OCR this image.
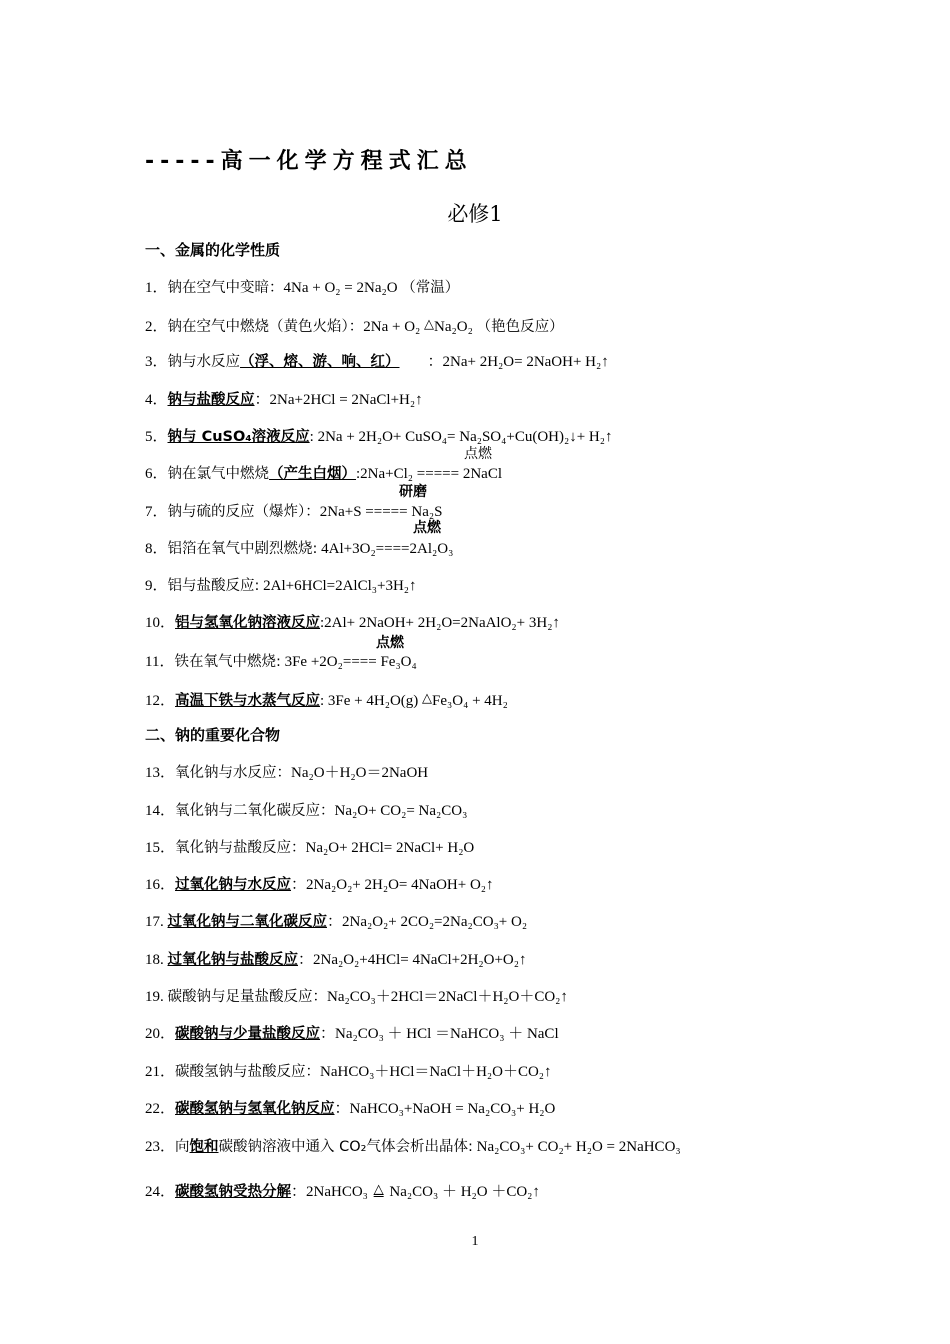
-----高一化学方程式汇总
必修1
一、金属的化学性质
1．钠在空气中变暗：4Na + O₂ = 2Na₂O （常温）
2．钠在空气中燃烧（黄色火焰）：2Na + O₂ △Na₂O₂ （艳色反应）
3．钠与水反应（浮、熔、游、响、红） ：2Na+ 2H₂O= 2NaOH+ H₂↑
4．钠与盐酸反应：2Na+2HCl = 2NaCl+H₂↑
5．钠与 CuSO₄溶液反应: 2Na + 2H₂O+ CuSO₄= Na₂SO₄+Cu(OH)₂↓+ H₂↑
点燃
6．钠在氯气中燃烧（产生白烟）:2Na+Cl₂ ===== 2NaCl
研磨
7．钠与硫的反应（爆炸）：2Na+S ===== Na₂S
点燃
8．铝箔在氧气中剧烈燃烧: 4Al+3O₂====2Al₂O₃
9．铝与盐酸反应: 2Al+6HCl=2AlCl₃+3H₂↑
10．铝与氢氧化钠溶液反应:2Al+ 2NaOH+ 2H₂O=2NaAlO₂+ 3H₂↑
点燃
11．铁在氧气中燃烧: 3Fe +2O₂==== Fe₃O₄
12．高温下铁与水蒸气反应: 3Fe + 4H₂O(g) △Fe₃O₄ + 4H₂
二、钠的重要化合物
13．氧化钠与水反应：Na₂O＋H₂O＝2NaOH
14．氧化钠与二氧化碳反应：Na₂O+ CO₂= Na₂CO₃
15．氧化钠与盐酸反应：Na₂O+ 2HCl= 2NaCl+ H₂O
16．过氧化钠与水反应：2Na₂O₂+ 2H₂O= 4NaOH+ O₂↑
17. 过氧化钠与二氧化碳反应：2Na₂O₂+ 2CO₂=2Na₂CO₃+ O₂
18. 过氧化钠与盐酸反应：2Na₂O₂+4HCl= 4NaCl+2H₂O+O₂↑
19. 碳酸钠与足量盐酸反应：Na₂CO₃＋2HCl＝2NaCl＋H₂O＋CO₂↑
20．碳酸钠与少量盐酸反应：Na₂CO₃ ＋ HCl ＝NaHCO₃ ＋ NaCl
21．碳酸氢钠与盐酸反应：NaHCO₃＋HCl＝NaCl＋H₂O＋CO₂↑
22．碳酸氢钠与氢氧化钠反应：NaHCO₃+NaOH = Na₂CO₃+ H₂O
23．向饱和碳酸钠溶液中通入 CO₂气体会析出晶体: Na₂CO₃+ CO₂+ H₂O = 2NaHCO₃
24．碳酸氢钠受热分解：2NaHCO₃ △ Na₂CO₃ ＋ H₂O ＋CO₂↑
1
